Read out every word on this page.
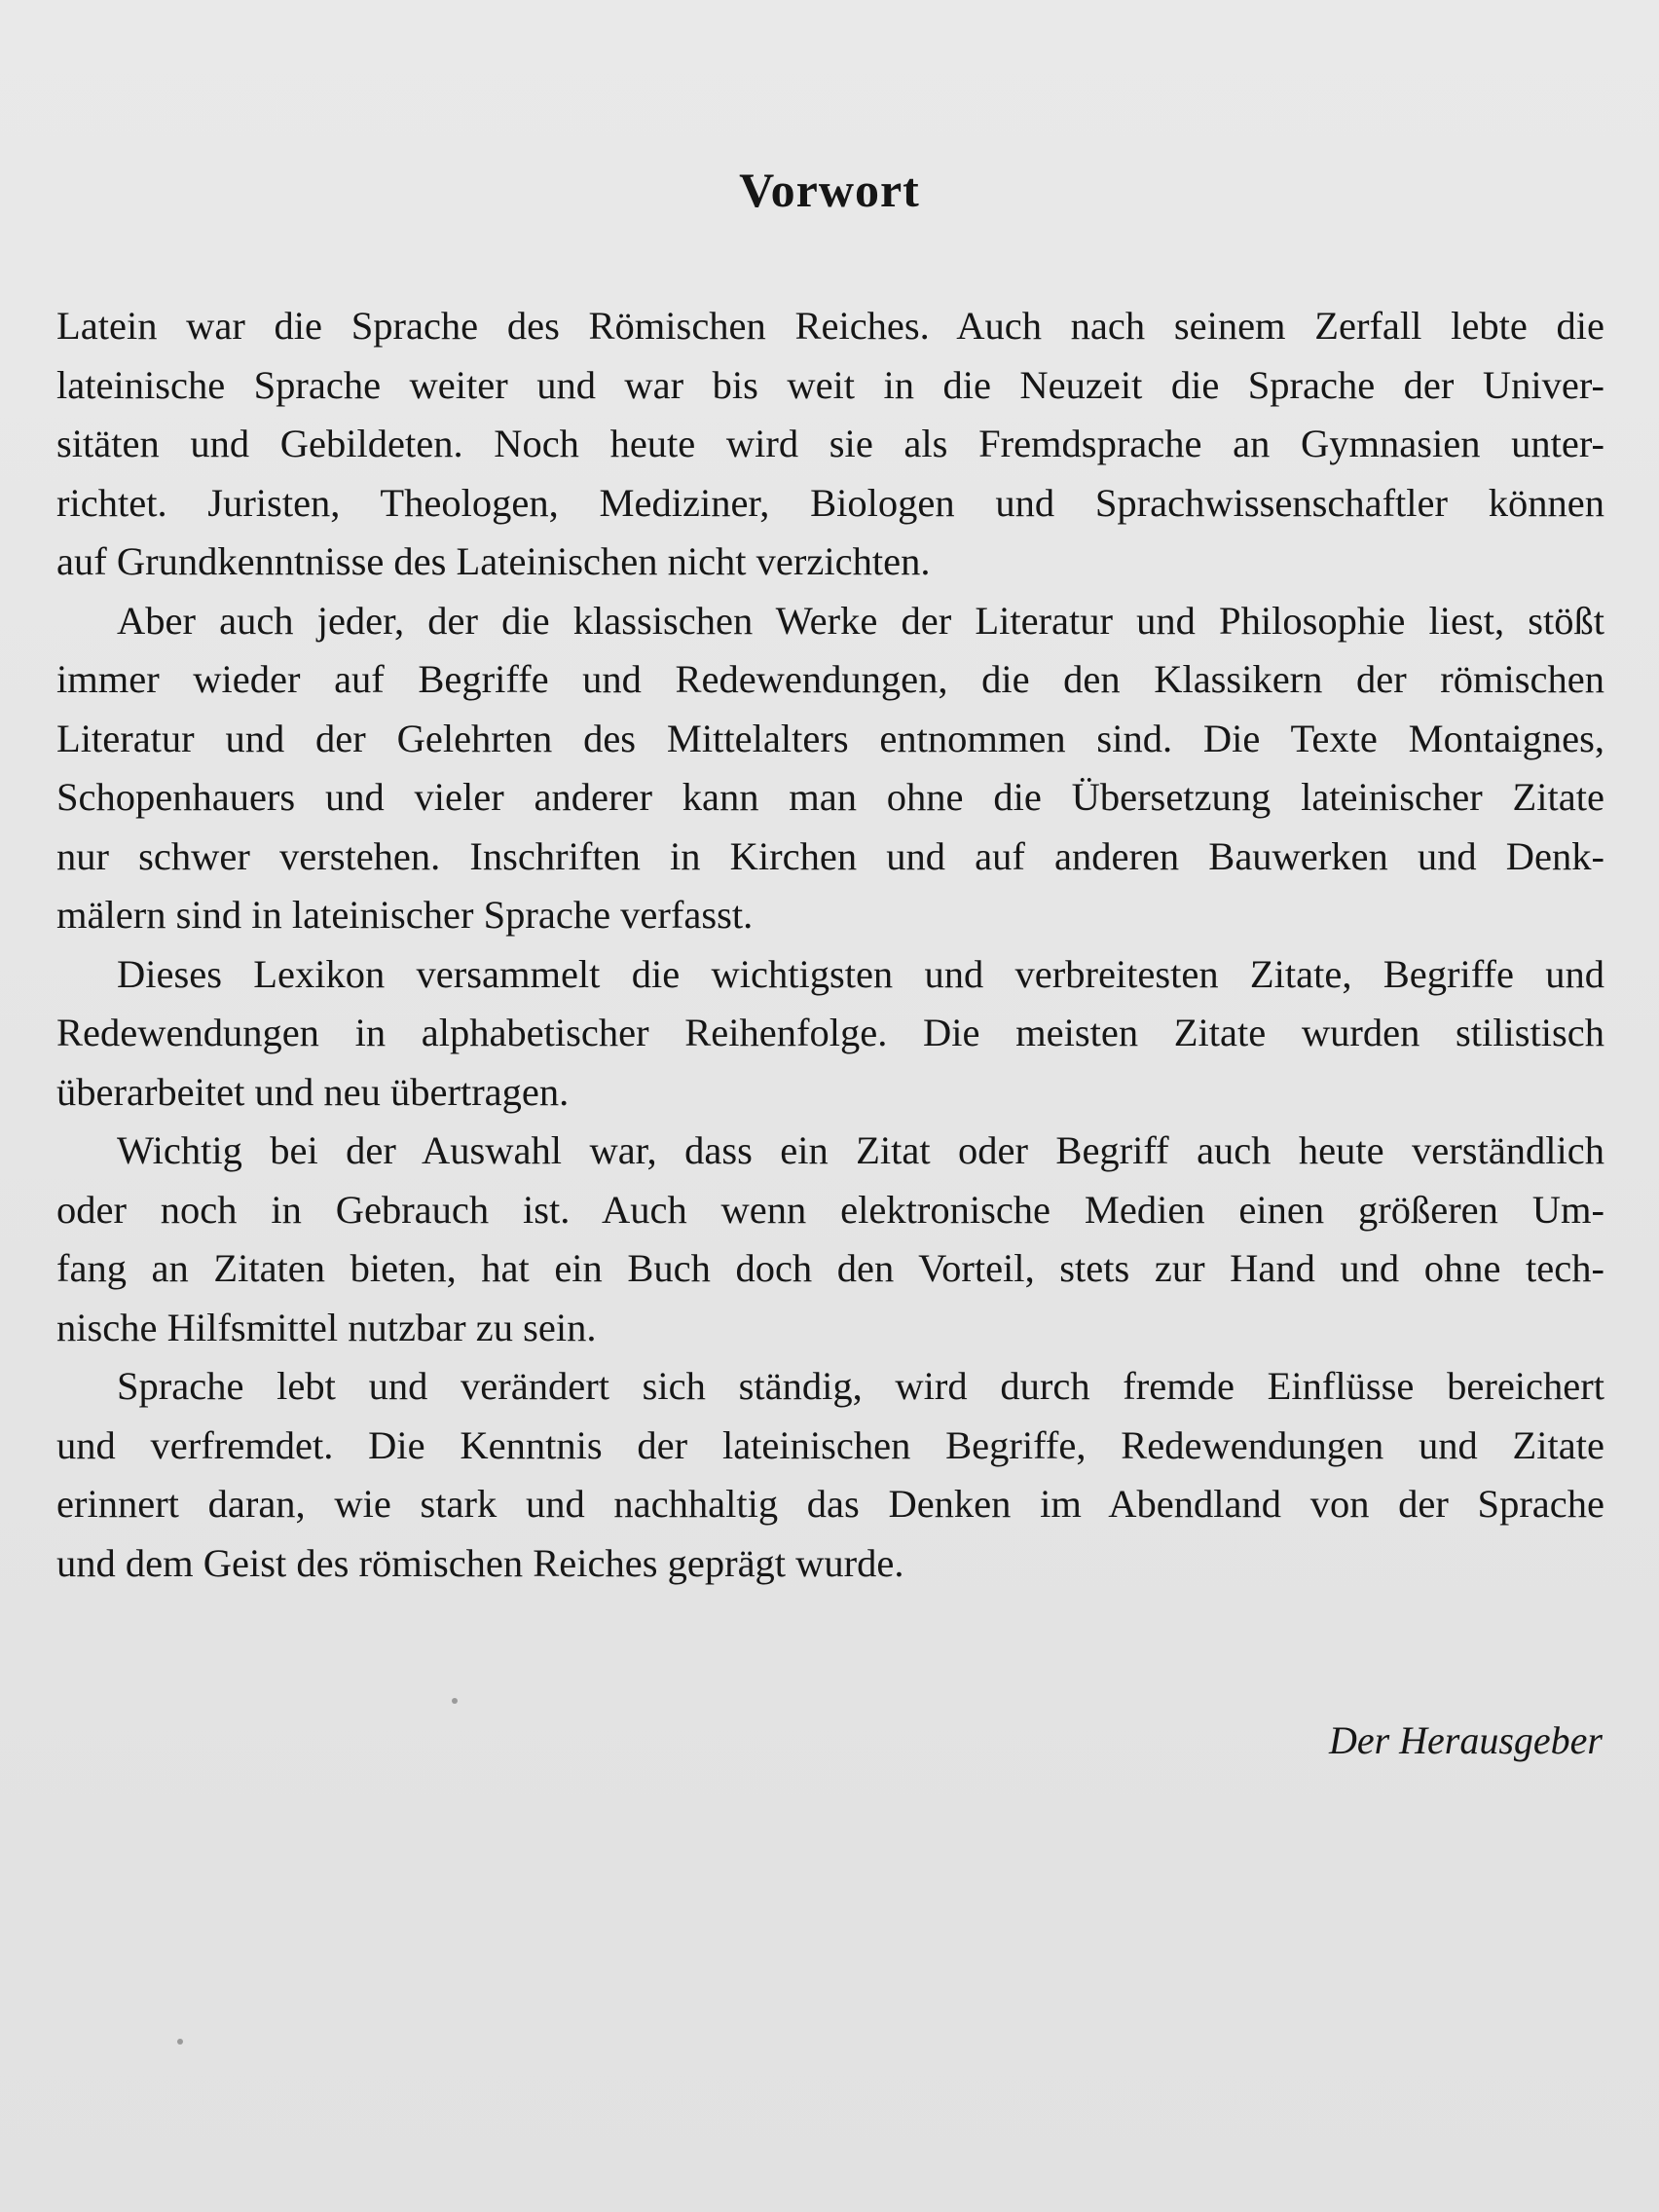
Vorwort
Latein war die Sprache des Römischen Reiches. Auch nach seinem Zerfall lebte die
lateinische Sprache weiter und war bis weit in die Neuzeit die Sprache der Univer-
sitäten und Gebildeten. Noch heute wird sie als Fremdsprache an Gymnasien unter-
richtet. Juristen, Theologen, Mediziner, Biologen und Sprachwissenschaftler können
auf Grundkenntnisse des Lateinischen nicht verzichten.
Aber auch jeder, der die klassischen Werke der Literatur und Philosophie liest, stößt
immer wieder auf Begriffe und Redewendungen, die den Klassikern der römischen
Literatur und der Gelehrten des Mittelalters entnommen sind. Die Texte Montaignes,
Schopenhauers und vieler anderer kann man ohne die Übersetzung lateinischer Zitate
nur schwer verstehen. Inschriften in Kirchen und auf anderen Bauwerken und Denk-
mälern sind in lateinischer Sprache verfasst.
Dieses Lexikon versammelt die wichtigsten und verbreitesten Zitate, Begriffe und
Redewendungen in alphabetischer Reihenfolge. Die meisten Zitate wurden stilistisch
überarbeitet und neu übertragen.
Wichtig bei der Auswahl war, dass ein Zitat oder Begriff auch heute verständlich
oder noch in Gebrauch ist. Auch wenn elektronische Medien einen größeren Um-
fang an Zitaten bieten, hat ein Buch doch den Vorteil, stets zur Hand und ohne tech-
nische Hilfsmittel nutzbar zu sein.
Sprache lebt und verändert sich ständig, wird durch fremde Einflüsse bereichert
und verfremdet. Die Kenntnis der lateinischen Begriffe, Redewendungen und Zitate
erinnert daran, wie stark und nachhaltig das Denken im Abendland von der Sprache
und dem Geist des römischen Reiches geprägt wurde.
Der Herausgeber
